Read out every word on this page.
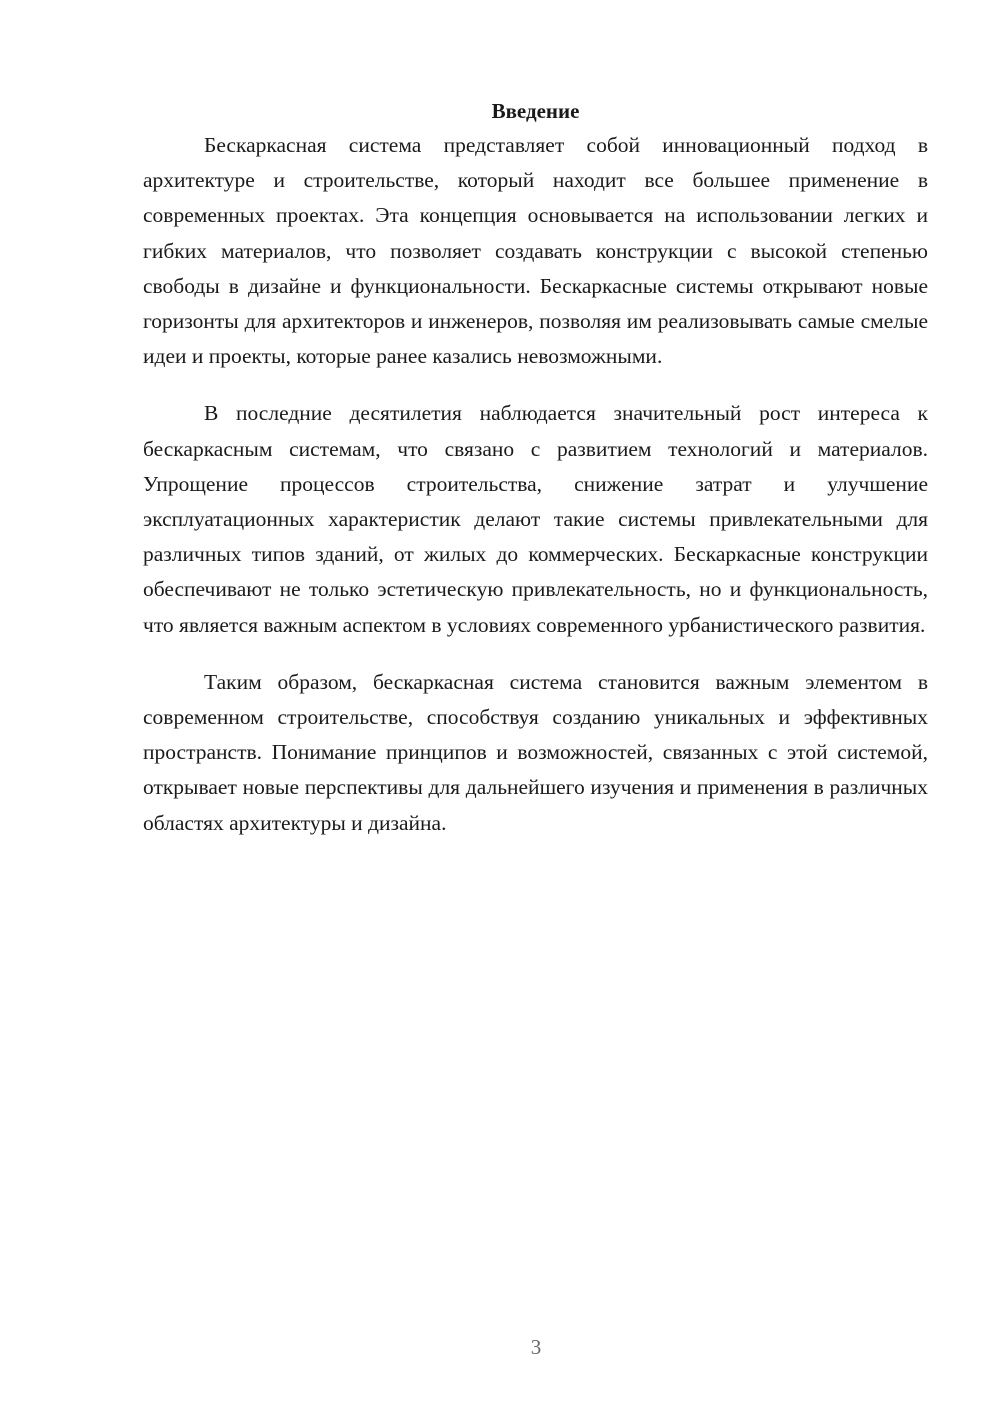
Введение

Бескаркасная система представляет собой инновационный подход в архитектуре и строительстве, который находит все большее применение в современных проектах. Эта концепция основывается на использовании легких и гибких материалов, что позволяет создавать конструкции с высокой степенью свободы в дизайне и функциональности. Бескаркасные системы открывают новые горизонты для архитекторов и инженеров, позволяя им реализовывать самые смелые идеи и проекты, которые ранее казались невозможными.

В последние десятилетия наблюдается значительный рост интереса к бескаркасным системам, что связано с развитием технологий и материалов. Упрощение процессов строительства, снижение затрат и улучшение эксплуатационных характеристик делают такие системы привлекательными для различных типов зданий, от жилых до коммерческих. Бескаркасные конструкции обеспечивают не только эстетическую привлекательность, но и функциональность, что является важным аспектом в условиях современного урбанистического развития.

Таким образом, бескаркасная система становится важным элементом в современном строительстве, способствуя созданию уникальных и эффективных пространств. Понимание принципов и возможностей, связанных с этой системой, открывает новые перспективы для дальнейшего изучения и применения в различных областях архитектуры и дизайна.

3
